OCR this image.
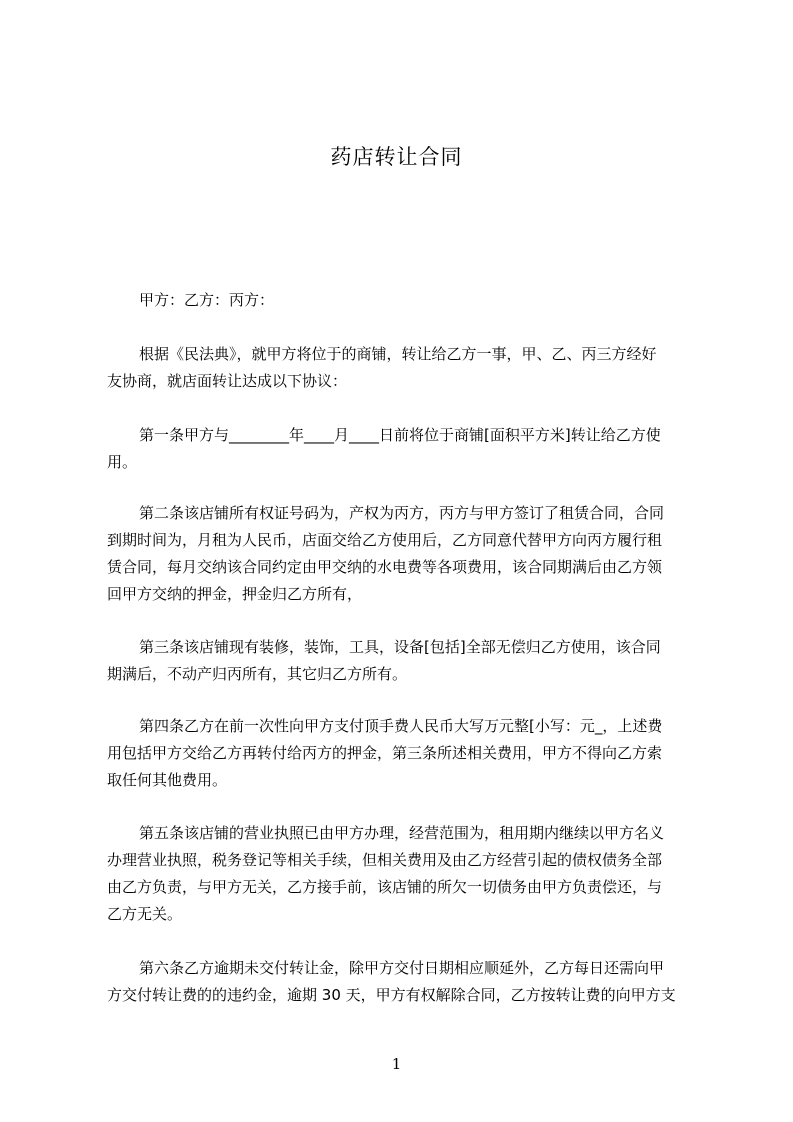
药店转让合同
甲方：乙方：丙方：
根据《民法典》，就甲方将位于的商铺，转让给乙方一事，甲、乙、丙三方经好
友协商，就店面转让达成以下协议：
第一条甲方与________年____月____日前将位于商铺[面积平方米]转让给乙方使
用。
第二条该店铺所有权证号码为，产权为丙方，丙方与甲方签订了租赁合同，合同
到期时间为，月租为人民币，店面交给乙方使用后，乙方同意代替甲方向丙方履行租
赁合同，每月交纳该合同约定由甲交纳的水电费等各项费用，该合同期满后由乙方领
回甲方交纳的押金，押金归乙方所有，
第三条该店铺现有装修，装饰，工具，设备[包括]全部无偿归乙方使用，该合同
期满后，不动产归丙所有，其它归乙方所有。
第四条乙方在前一次性向甲方支付顶手费人民币大写万元整[小写：元_，上述费
用包括甲方交给乙方再转付给丙方的押金，第三条所述相关费用，甲方不得向乙方索
取任何其他费用。
第五条该店铺的营业执照已由甲方办理，经营范围为，租用期内继续以甲方名义
办理营业执照，税务登记等相关手续，但相关费用及由乙方经营引起的债权债务全部
由乙方负责，与甲方无关，乙方接手前，该店铺的所欠一切债务由甲方负责偿还，与
乙方无关。
第六条乙方逾期未交付转让金，除甲方交付日期相应顺延外，乙方每日还需向甲
方交付转让费的的违约金，逾期 30 天，甲方有权解除合同，乙方按转让费的向甲方支
1
